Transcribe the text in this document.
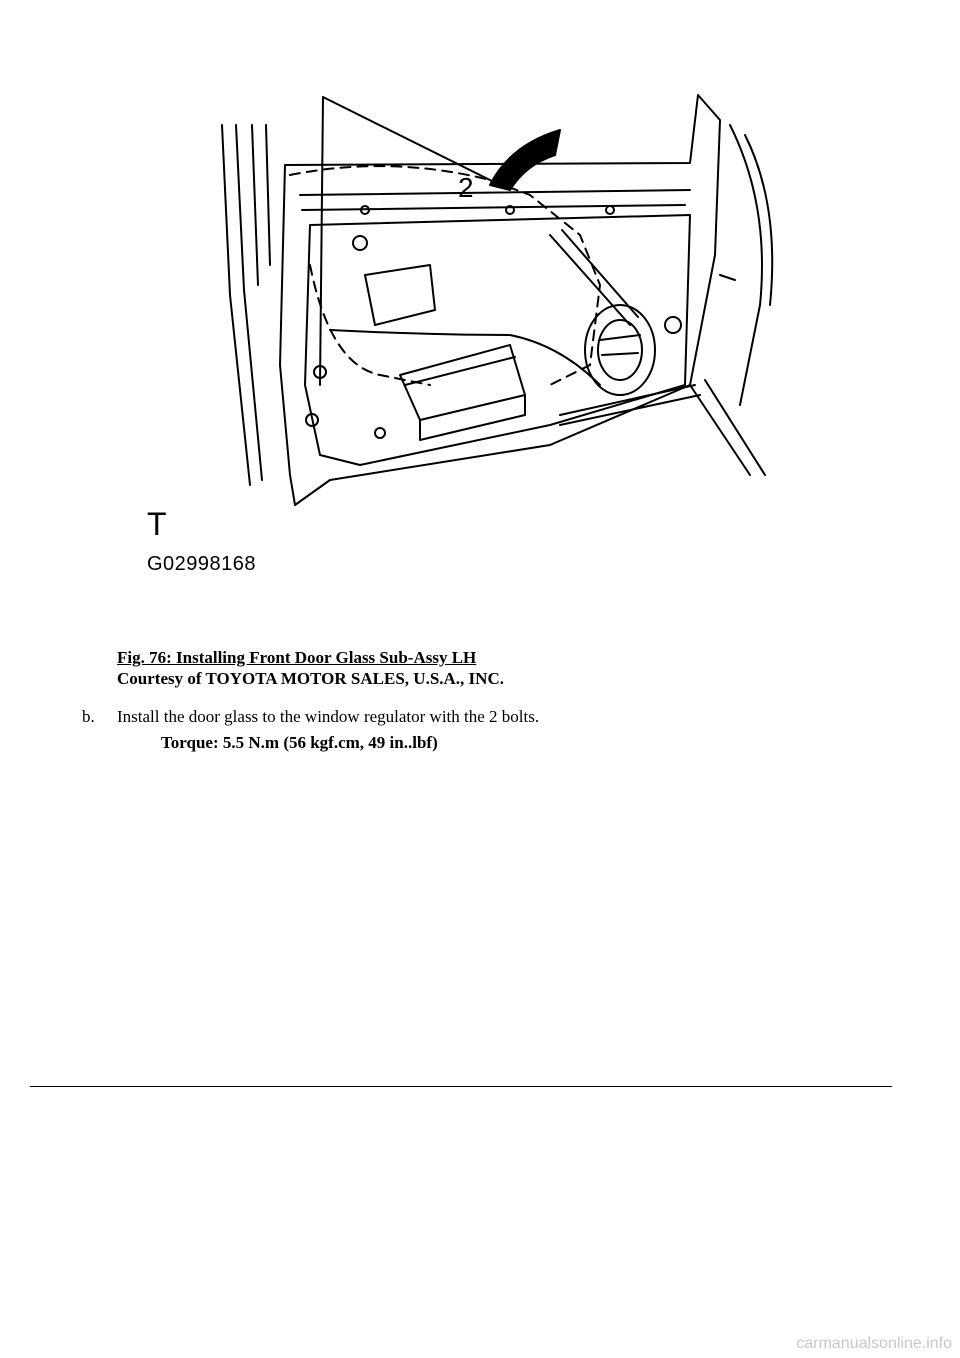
2
T
G02998168
Fig. 76: Installing Front Door Glass Sub-Assy LH
Courtesy of TOYOTA MOTOR SALES, U.S.A., INC.
b. Install the door glass to the window regulator with the 2 bolts.
Torque: 5.5 N.m (56 kgf.cm, 49 in..lbf)
carmanualsonline.info
